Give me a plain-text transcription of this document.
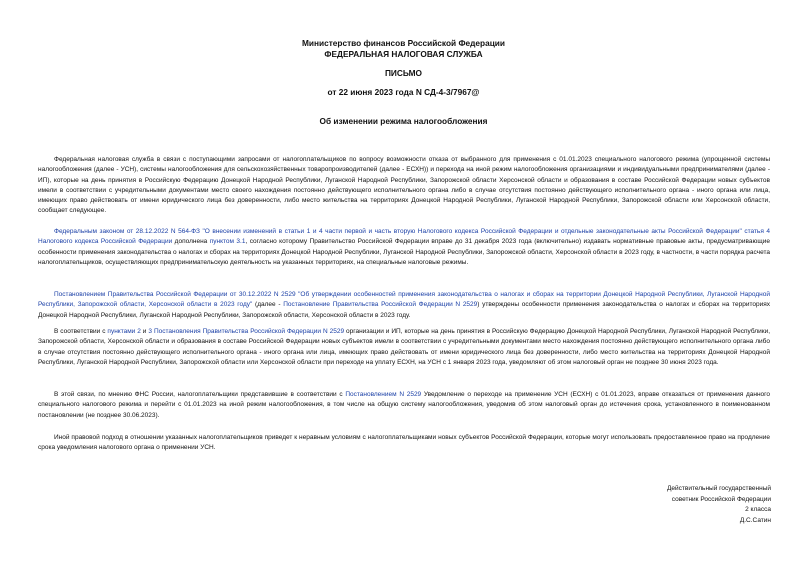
Министерство финансов Российской Федерации
ФЕДЕРАЛЬНАЯ НАЛОГОВАЯ СЛУЖБА
ПИСЬМО
от 22 июня 2023 года N СД-4-3/7967@
Об изменении режима налогообложения

Федеральная налоговая служба в связи с поступающими запросами от налогоплательщиков по вопросу возможности отказа от выбранного для применения с 01.01.2023 специального налогового режима (упрощенной системы налогообложения (далее - УСН), системы налогообложения для сельскохозяйственных товаропроизводителей (далее - ЕСХН)) и перехода на иной режим налогообложения организациями и индивидуальными предпринимателями (далее - ИП), которые на день принятия в Российскую Федерацию Донецкой Народной Республики, Луганской Народной Республики, Запорожской области Херсонской области и образования в составе Российской Федерации новых субъектов имели в соответствии с учредительными документами место своего нахождения постоянно действующего исполнительного органа либо в случае отсутствия постоянно действующего исполнительного органа - иного органа или лица, имеющих право действовать от имени юридического лица без доверенности, либо место жительства на территориях Донецкой Народной Республики, Луганской Народной Республики, Запорожской области или Херсонской области, сообщает следующее.

Федеральным законом от 28.12.2022 N 564-ФЗ "О внесении изменений в статьи 1 и 4 части первой и часть вторую Налогового кодекса Российской Федерации и отдельные законодательные акты Российской Федерации" статья 4 Налогового кодекса Российской Федерации дополнена пунктом 3.1, согласно которому Правительство Российской Федерации вправе до 31 декабря 2023 года (включительно) издавать нормативные правовые акты, предусматривающие особенности применения законодательства о налогах и сборах на территориях Донецкой Народной Республики, Луганской Народной Республики, Запорожской области, Херсонской области в 2023 году, в частности, в части порядка расчета налогоплательщиков, осуществляющих предпринимательскую деятельность на указанных территориях, на специальные налоговые режимы.

Постановлением Правительства Российской Федерации от 30.12.2022 N 2529 "Об утверждении особенностей применения законодательства о налогах и сборах на территории Донецкой Народной Республики, Луганской Народной Республики, Запорожской области, Херсонской области в 2023 году" (далее - Постановление Правительства Российской Федерации N 2529) утверждены особенности применения законодательства о налогах и сборах на территориях Донецкой Народной Республики, Луганской Народной Республики, Запорожской области, Херсонской области в 2023 году.

В соответствии с пунктами 2 и 3 Постановления Правительства Российской Федерации N 2529 организации и ИП, которые на день принятия в Российскую Федерацию Донецкой Народной Республики, Луганской Народной Республики, Запорожской области, Херсонской области и образования в составе Российской Федерации новых субъектов имели в соответствии с учредительными документами место нахождения постоянно действующего исполнительного органа либо в случае отсутствия постоянно действующего исполнительного органа - иного органа или лица, имеющих право действовать от имени юридического лица без доверенности, либо место жительства на территориях Донецкой Народной Республики, Луганской Народной Республики, Запорожской области или Херсонской области при переходе на уплату ЕСХН, на УСН с 1 января 2023 года, уведомляют об этом налоговый орган не позднее 30 июня 2023 года.

В этой связи, по мнению ФНС России, налогоплательщики представившие в соответствии с Постановлением N 2529 Уведомление о переходе на применение УСН (ЕСХН) с 01.01.2023, вправе отказаться от применения данного специального налогового режима и перейти с 01.01.2023 на иной режим налогообложения, в том числе на общую систему налогообложения, уведомив об этом налоговый орган до истечения срока, установленного в поименованном постановлении (не позднее 30.06.2023).

Иной правовой подход в отношении указанных налогоплательщиков приведет к неравным условиям с налогоплательщиками новых субъектов Российской Федерации, которые могут использовать предоставленное право на продление срока уведомления налогового органа о применении УСН.

Действительный государственный
советник Российской Федерации
2 класса
Д.С.Сатин
